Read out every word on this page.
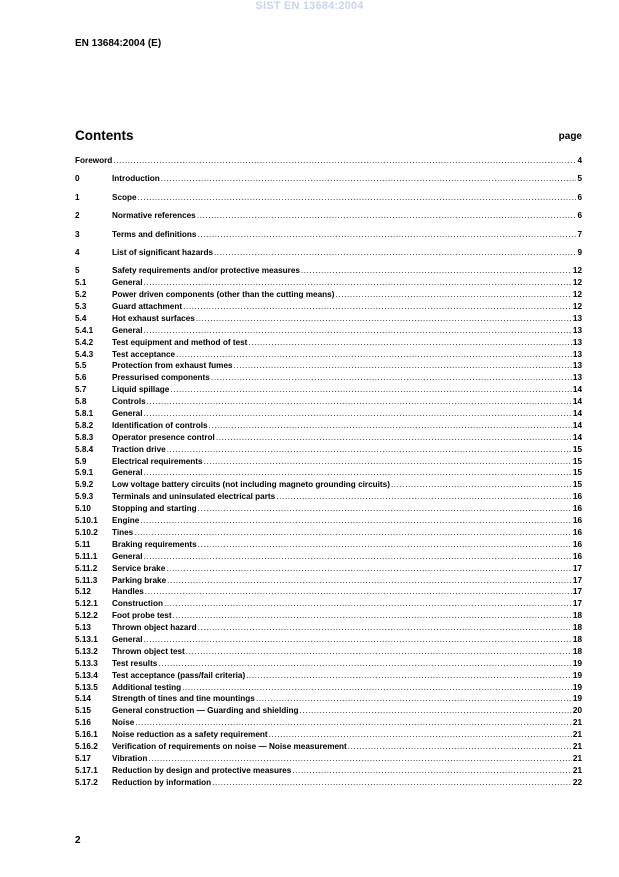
SIST EN 13684:2004
EN 13684:2004 (E)
Contents	page
Foreword .....	4
0	Introduction .....	5
1	Scope .....	6
2	Normative references .....	6
3	Terms and definitions .....	7
4	List of significant hazards .....	9
5	Safety requirements and/or protective measures .....	12
5.1	General .....	12
5.2	Power driven components (other than the cutting means) .....	12
5.3	Guard attachment .....	12
5.4	Hot exhaust surfaces .....	13
5.4.1	General .....	13
5.4.2	Test equipment and method of test .....	13
5.4.3	Test acceptance .....	13
5.5	Protection from exhaust fumes .....	13
5.6	Pressurised components .....	13
5.7	Liquid spillage .....	14
5.8	Controls .....	14
5.8.1	General .....	14
5.8.2	Identification of controls .....	14
5.8.3	Operator presence control .....	14
5.8.4	Traction drive .....	15
5.9	Electrical requirements .....	15
5.9.1	General .....	15
5.9.2	Low voltage battery circuits (not including magneto grounding circuits) .....	15
5.9.3	Terminals and uninsulated electrical parts .....	16
5.10	Stopping and starting .....	16
5.10.1	Engine .....	16
5.10.2	Tines .....	16
5.11	Braking requirements .....	16
5.11.1	General .....	16
5.11.2	Service brake .....	17
5.11.3	Parking brake .....	17
5.12	Handles .....	17
5.12.1	Construction .....	17
5.12.2	Foot probe test .....	18
5.13	Thrown object hazard .....	18
5.13.1	General .....	18
5.13.2	Thrown object test .....	18
5.13.3	Test results .....	19
5.13.4	Test acceptance (pass/fail criteria) .....	19
5.13.5	Additional testing .....	19
5.14	Strength of tines and tine mountings .....	19
5.15	General construction — Guarding and shielding .....	20
5.16	Noise .....	21
5.16.1	Noise reduction as a safety requirement .....	21
5.16.2	Verification of requirements on noise — Noise measurement .....	21
5.17	Vibration .....	21
5.17.1	Reduction by design and protective measures .....	21
5.17.2	Reduction by information .....	22
2
